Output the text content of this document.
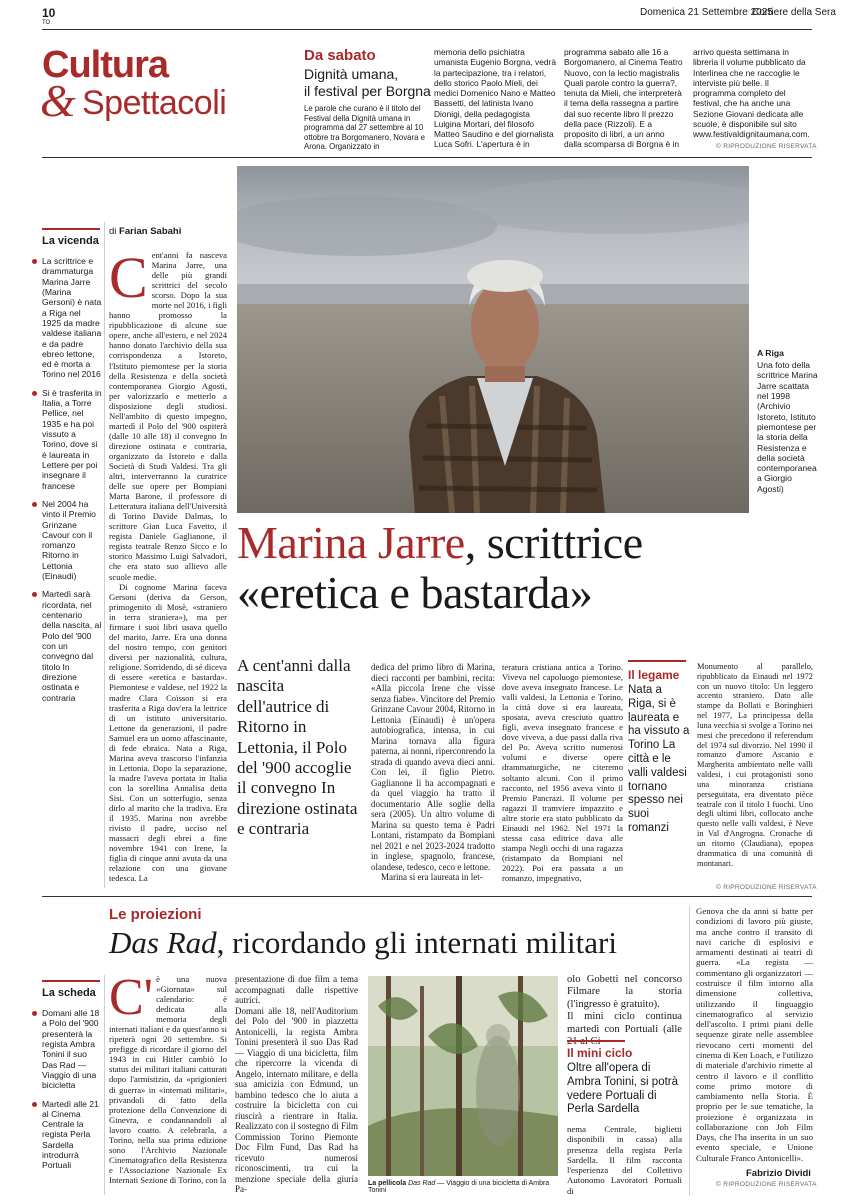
10
TO
Domenica 21 Settembre 2025
Corriere della Sera
Cultura
& Spettacoli
Da sabato
Dignità umana,
il festival per Borgna
Le parole che curano è il titolo del Festival della Dignità umana in programma dal 27 settembre al 10 ottobre tra Borgomanero, Novara e Arona. Organizzato in
memoria dello psichiatra umanista Eugenio Borgna, vedrà la partecipazione, tra i relatori, dello storico Paolo Mieli, dei medici Domenico Nano e Matteo Bassetti, del latinista Ivano Dionigi, della pedagogista Luigina Mortari, del filosofo Matteo Saudino e del giornalista Luca Sofri. L'apertura è in
programma sabato alle 16 a Borgomanero, al Cinema Teatro Nuovo, con la lectio magistralis Quali parole contro la guerra?, tenuta da Mieli, che interpreterà il tema della rassegna a partire dal suo recente libro Il prezzo della pace (Rizzoli). E a proposito di libri, a un anno dalla scomparsa di Borgna è in
arrivo questa settimana in libreria il volume pubblicato da Interlinea che ne raccoglie le interviste più belle. Il programma completo del festival, che ha anche una Sezione Giovani dedicata alle scuole, è disponibile sul sito www.festivaldignitaumana.com.
© RIPRODUZIONE RISERVATA
La vicenda
La scrittrice e drammaturga Marina Jarre (Marina Gersoni) è nata a Riga nel 1925 da madre valdese italiana e da padre ebreo lettone, ed è morta a Torino nel 2016
Si è trasferita in Italia, a Torre Pellice, nel 1935 e ha poi vissuto a Torino, dove si è laureata in Lettere per poi insegnare il francese
Nel 2004 ha vinto il Premio Grinzane Cavour con il romanzo Ritorno in Lettonia (Einaudi)
Martedì sarà ricordata, nel centenario della nascita, al Polo del '900 con un convegno dal titolo In direzione ostinata e contraria
A Riga
Una foto della scrittrice Marina Jarre scattata nel 1998 (Archivio Istoreto, Istituto piemontese per la storia della Resistenza e della società contemporanea a Giorgio Agosti)
di Farian Sabahi

Cent'anni fa nasceva Marina Jarre, una delle più grandi scrittrici del secolo scorso. Dopo la sua morte nel 2016, i figli hanno promosso la ripubblicazione di alcune sue opere, anche all'estero, e nel 2024 hanno donato l'archivio della sua corrispondenza a Istoreto, l'Istituto piemontese per la storia della Resistenza e della società contemporanea Giorgio Agosti, per valorizzarlo e metterlo a disposizione degli studiosi. Nell'ambito di questo impegno, martedì il Polo del '900 ospiterà (dalle 10 alle 18) il convegno In direzione ostinata e contraria, organizzato da Istoreto e dalla Società di Studi Valdesi. Tra gli altri, interverranno la curatrice delle sue opere per Bompiani Marta Barone, il professore di Letteratura italiana dell'Università di Torino Davide Dalmas, lo scrittore Gian Luca Favetto, il regista Daniele Gaglianone, il regista teatrale Renzo Sicco e lo storico Massimo Luigi Salvadori, che era stato suo allievo alle scuole medie.

Marina Jarre, scrittrice
«eretica e bastarda»
A cent'anni dalla nascita dell'autrice di Ritorno in Lettonia, il Polo del '900 accoglie il convegno In direzione ostinata e contraria

dedica del primo libro di Marina, dieci racconti per bambini, recita: «Alla piccola Irene che visse senza fiabe». Vincitore del Premio Grinzane Cavour 2004, Ritorno in Lettonia (Einaudi) è un'opera autobiografica, intensa, in cui Marina tornava alla figura paterna, ai nonni, riperconrendo la strada di quando aveva dieci anni. Con lei, il figlio Pietro. Gaglianone li ha accompagnati e da quel viaggio ha tratto il documentario Alle soglie della sera (2005). Un altro volume di Marina su questo tema è Padri Lontani, ristampato da Bompiani nel 2021 e nel 2023-2024 tradotto in inglese, spagnolo, francese, olandese, tedesco, ceco e lettone.

Marina si era laureata in let-

teratura cristiana antica a Torino. Viveva nel capoluogo piemontese, dove aveva insegnato francese. Le valli valdesi, la Lettonia e Torino, la città dove si era laureata, sposata, aveva cresciuto quattro figli, aveva insegnato francese e dove viveva, a due passi dalla riva del Po. Aveva scritto numerosi volumi e diverse opere drammaturgiche, ne citeremo soltanto alcuni. Con il primo racconto, nel 1956 aveva vinto il Premio Pancrazi. Il volume per ragazzi Il tramviere impazzito e altre storie era stato pubblicato da Einaudi nel 1962. Nel 1971 la stessa casa editrice dava alle stampa Negli occhi di una ragazza (ristampato da Bompiani nel 2022). Poi era passata a un romanzo, impegnativo,
Il legame
Nata a Riga, si è laureata e ha vissuto a Torino La città e le valli valdesi tornano spesso nei suoi romanzi
Monumento al parallelo, ripubblicato da Einaudi nel 1972 con un nuovo titolo: Un leggero accento straniero. Dato alle stampe da Bollati e Boringhieri nel 1977, La principessa della luna vecchia si svolge a Torino nei mesi che precedono il referendum del 1974 sul divorzio. Nel 1990 il romanzo d'amore Ascanio e Margherita ambientato nelle valli valdesi, i cui protagonisti sono una minoranza cristiana perseguitata, era diventato pièce teatrale con il titolo I fuochi. Uno degli ultimi libri, collocato anche questo nelle valli valdesi, è Neve in Val d'Angrogna. Cronache di un ritorno (Claudiana), epopea drammatica di una comunità di montanari.
© RIPRODUZIONE RISERVATA
La scheda
Domani alle 18 a Polo del '900 presenterà la regista Ambra Tonini il suo Das Rad — Viaggio di una bicicletta
Martedì alle 21 al Cinema Centrale la regista Perla Sardella introdurrà Portuali
Le proiezioni
Das Rad, ricordando gli internati militari

C' è una nuova «Giornata» sul calendario: è dedicata alla memoria degli internati italiani e da quest'anno si ripeterà ogni 20 settembre. Si prefigge di ricordare il giorno del 1943 in cui Hitler cambiò lo status dei militari italiani catturati dopo l'armistizio, da «prigionieri di guerra» in «internati militari», privandoli di fatto della protezione della Convenzione di Ginevra, e condannandoli al lavoro coatto. A celebrarla, a Torino, nella sua prima edizione sono l'Archivio Nazionale Cinematografico della Resistenza e l'Associazione Nazionale Ex Internati Sezione di Torino, con la

presentazione di due film a tema accompagnati dalle rispettive autrici.
Domani alle 18, nell'Auditorium del Polo del '900 in piazzetta Antonicelli, la regista Ambra Tonini presenterà il suo Das Rad — Viaggio di una bicicletta, film che ripercorre la vicenda di Angelo, internato militare, e della sua amicizia con Edmund, un bambino tedesco che lo aiuta a costruire la bicicletta con cui riuscirà a rientrare in Italia. Realizzato con il sostegno di Film Commission Torino Piemonte Doc Film Fund, Das Rad ha ricevuto numerosi riconoscimenti, tra cui la menzione speciale della giuria Pa-
La pellicola Das Rad — Viaggio di una bicicletta di Ambra Tonini
olo Gobetti nel concorso Filmare la storia (l'ingresso è gratuito).
Il mini ciclo continua martedì con Portuali (alle
Il mini ciclo
Oltre all'opera di Ambra Tonini, si potrà vedere Portuali di Perla Sardella
nema Centrale, biglietti disponibili in cassa) alla presenza della regista Perla Sardella. Il film racconta l'esperienza del Collettivo Autonomo Lavoratori Portuali di
Genova che da anni si batte per condizioni di lavoro più giuste, ma anche contro il transito di navi cariche di esplosivi e armamenti destinati ai teatri di guerra. «La regista — commentano gli organizzatori — costruisce il film intorno alla dimensione collettiva, utilizzando il linguaggio cinematografico al servizio dell'ascolto. I primi piani delle sequenze girate nelle assemblee rievocano certi momenti del cinema di Ken Loach, e l'utilizzo di materiale d'archivio rimette al centro il lavoro e il conflitto come primo motore di cambiamento nella Storia. È proprio per le sue tematiche, la proiezione è organizzata in collaborazione con Job Film Days, che l'ha inserita in un suo evento speciale, e Unione Culturale Franco Antonicelli».
Fabrizio Dividi
© RIPRODUZIONE RISERVATA

Di cognome Marina faceva Gersoni (deriva da Gerson, primogenito di Mosè, «straniero in terra straniera»), ma per firmare i suoi libri usava quello del marito, Jarre. Era una donna del nostro tempo, con genitori diversi per nazionalità, cultura, religione. Sorridendo, di sé diceva di essere «eretica e bastarda». Piemontese e valdese, nel 1922 la madre Clara Coïsson si era trasferita a Riga dov'era la lettrice di un istituto universitario. Lettone da generazioni, il padre Samuel era un uomo affascinante, di fede ebraica. Nata a Riga, Marina aveva trascorso l'infanzia in Lettonia. Dopo la separazione, la madre l'aveva portata in Italia con la sorellina Annalisa detta Sisi. Con un sotterfugio, senza dirlo al marito che la tradiva. Era il 1935. Marina non avrebbe rivisto il padre, ucciso nel massacri degli ebrei a fine novembre 1941 con Irene, la figlia di cinque anni avuta da una relazione con una giovane tedesca. La
